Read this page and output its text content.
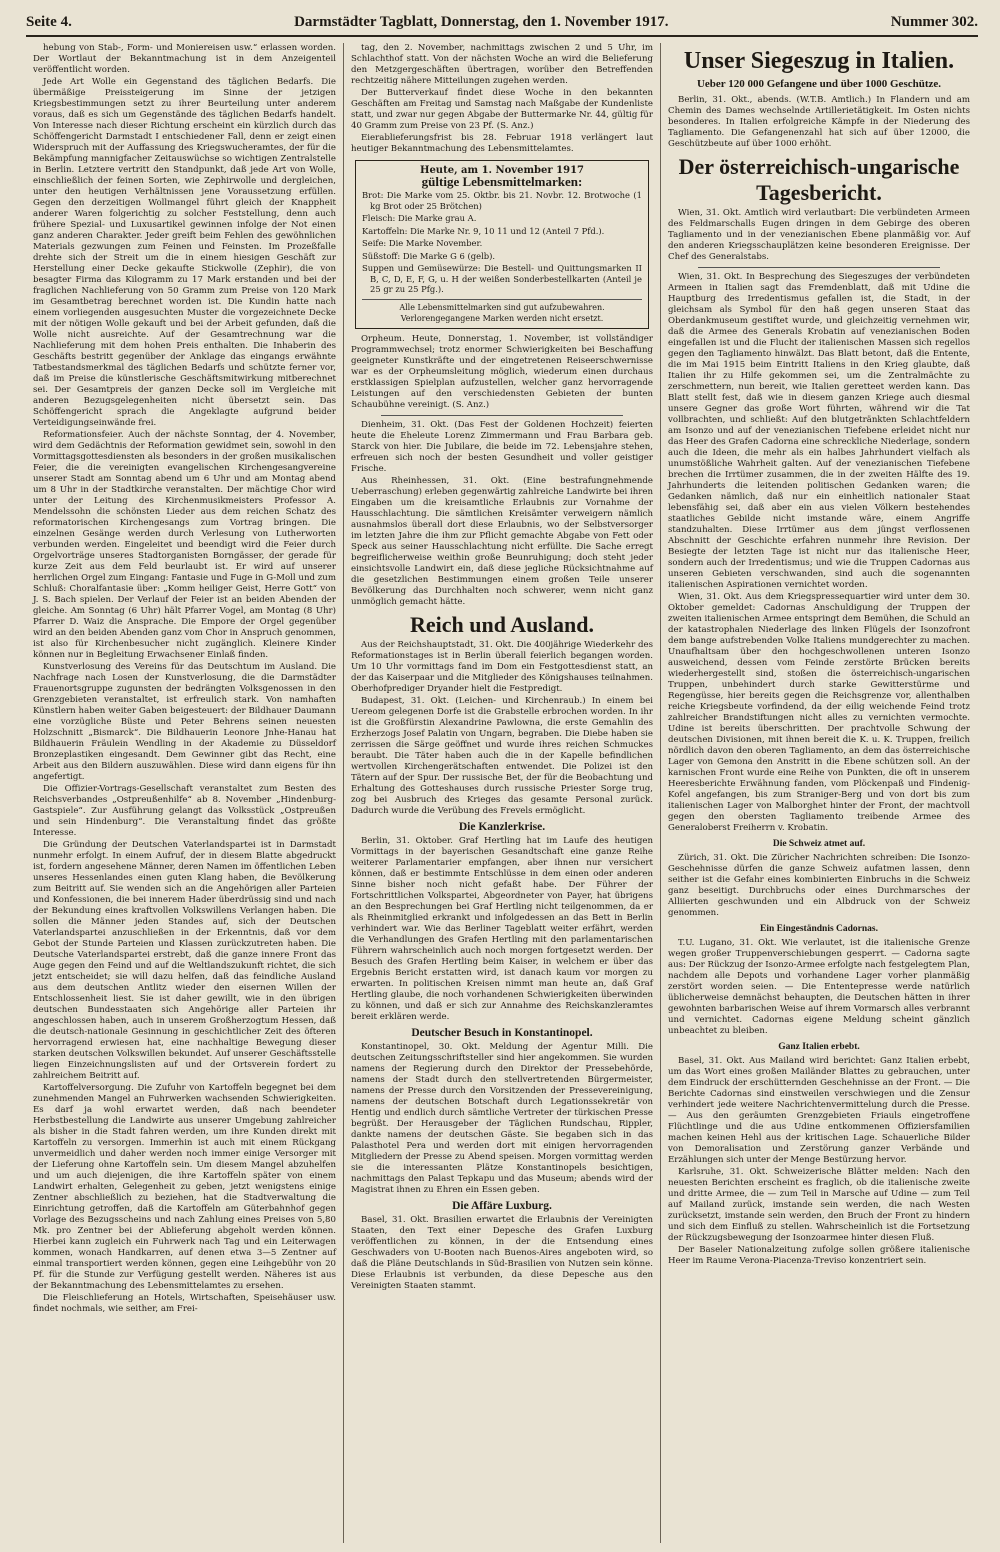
Seite 4.	Darmstädter Tagblatt, Donnerstag, den 1. November 1917.	Nummer 302.

hebung von Stab-, Form- und Moniereisen usw.“ erlassen worden. Der Wortlaut der Bekanntmachung ist in dem Anzeigenteil veröffentlicht worden.

Jede Art Wolle ein Gegenstand des täglichen Bedarfs. Die übermäßige Preissteigerung im Sinne der jetzigen Kriegsbestimmungen setzt zu ihrer Beurteilung unter anderem voraus, daß es sich um Gegenstände des täglichen Bedarfs handelt. Von Interesse nach dieser Richtung erscheint ein kürzlich durch das Schöffengericht Darmstadt I entschiedener Fall, denn er zeigt einen Widerspruch mit der Auffassung des Kriegswucheramtes, der für die Bekämpfung mannigfacher Zeitauswüchse so wichtigen Zentralstelle in Berlin. Letztere vertritt den Standpunkt, daß jede Art von Wolle, einschließlich der feinen Sorten, wie Zephirwolle und dergleichen, unter den heutigen Verhältnissen jene Voraussetzung erfüllen. Gegen den derzeitigen Wollmangel führt gleich der Knappheit anderer Waren folgerichtig zu solcher Feststellung, denn auch frühere Spezial- und Luxusartikel gewinnen infolge der Not einen ganz anderen Charakter. Jeder greift beim Fehlen des gewöhnlichen Materials gezwungen zum Feinen und Feinsten. Im Prozeßfalle drehte sich der Streit um die in einem hiesigen Geschäft zur Herstellung einer Decke gekaufte Stickwolle (Zephir), die von besagter Firma das Kilogramm zu 17 Mark erstanden und bei der fraglichen Nachlieferung von 50 Gramm zum Preise von 120 Mark im Gesamtbetrag berechnet worden ist. Die Kundin hatte nach einem vorliegenden ausgesuchten Muster die vorgezeichnete Decke mit der nötigen Wolle gekauft und bei der Arbeit gefunden, daß die Wolle nicht ausreichte. Auf der Gesamtrechnung war die Nachlieferung mit dem hohen Preis enthalten. Die Inhaberin des Geschäfts bestritt gegenüber der Anklage das eingangs erwähnte Tatbestandsmerkmal des täglichen Bedarfs und schützte ferner vor, daß im Preise die künstlerische Geschäftsmitwirkung mitberechnet sei. Der Gesamtpreis der ganzen Decke soll im Vergleiche mit anderen Bezugsgelegenheiten nicht übersetzt sein. Das Schöffengericht sprach die Angeklagte aufgrund beider Verteidigungseinwände frei.

Reformationsfeier. Auch der nächste Sonntag, der 4. November, wird dem Gedächtnis der Reformation gewidmet sein, sowohl in den Vormittagsgottesdiensten als besonders in der großen musikalischen Feier, die die vereinigten evangelischen Kirchengesangvereine unserer Stadt am Sonntag abend um 6 Uhr und am Montag abend um 8 Uhr in der Stadtkirche veranstalten. Der mächtige Chor wird unter der Leitung des Kirchenmusikmeisters Professor A. Mendelssohn die schönsten Lieder aus dem reichen Schatz des reformatorischen Kirchengesangs zum Vortrag bringen. Die einzelnen Gesänge werden durch Verlesung von Lutherworten verbunden werden. Eingeleitet und beendigt wird die Feier durch Orgelvorträge unseres Stadtorganisten Borngässer, der gerade für kurze Zeit aus dem Feld beurlaubt ist. Er wird auf unserer herrlichen Orgel zum Eingang: Fantasie und Fuge in G-Moll und zum Schluß: Choralfantasie über: „Komm heiliger Geist, Herre Gott“ von J. S. Bach spielen. Der Verlauf der Feier ist an beiden Abenden der gleiche. Am Sonntag (6 Uhr) hält Pfarrer Vogel, am Montag (8 Uhr) Pfarrer D. Waiz die Ansprache. Die Empore der Orgel gegenüber wird an den beiden Abenden ganz vom Chor in Anspruch genommen, ist also für Kirchenbesucher nicht zugänglich. Kleinere Kinder können nur in Begleitung Erwachsener Einlaß finden.

Kunstverlosung des Vereins für das Deutschtum im Ausland. Die Nachfrage nach Losen der Kunstverlosung, die die Darmstädter Frauenortsgruppe zugunsten der bedrängten Volksgenossen in den Grenzgebieten veranstaltet, ist erfreulich stark. Von namhaften Künstlern haben weiter Gaben beigesteuert: der Bildhauer Daumann eine vorzügliche Büste und Peter Behrens seinen neuesten Holzschnitt „Bismarck“. Die Bildhauerin Leonore Jnhe-Hanau hat Bildhauerin Fräulein Wendling in der Akademie zu Düsseldorf Bronzeplastiken eingesandt. Dem Gewinner gibt das Recht, eine Arbeit aus den Bildern auszuwählen. Diese wird dann eigens für ihn angefertigt.

Die Offizier-Vortrags-Gesellschaft veranstaltet zum Besten des Reichsverbandes „Ostpreußenhilfe“ ab 8. November „Hindenburg-Gastspiele“. Zur Ausführung gelangt das Volksstück „Ostpreußen und sein Hindenburg“. Die Veranstaltung findet das größte Interesse.

Die Gründung der Deutschen Vaterlandspartei ist in Darmstadt nunmehr erfolgt. In einem Aufruf, der in diesem Blatte abgedruckt ist, fordern angesehene Männer, deren Namen im öffentlichen Leben unseres Hessenlandes einen guten Klang haben, die Bevölkerung zum Beitritt auf. Sie wenden sich an die Angehörigen aller Parteien und Konfessionen, die bei innerem Hader überdrüssig sind und nach der Bekundung eines kraftvollen Volkswillens Verlangen haben. Die sollen die Männer jeden Standes auf, sich der Deutschen Vaterlandspartei anzuschließen in der Erkenntnis, daß vor dem Gebot der Stunde Parteien und Klassen zurückzutreten haben. Die Deutsche Vaterlandspartei erstrebt, daß die ganze innere Front das Auge gegen den Feind und auf die Weltlandszukunft richtet, die sich jetzt entscheidet; sie will dazu helfen, daß das feindliche Ausland aus dem deutschen Antlitz wieder den eisernen Willen der Entschlossenheit liest. Sie ist daher gewillt, wie in den übrigen deutschen Bundesstaaten sich Angehörige aller Parteien ihr angeschlossen haben, auch in unserem Großherzogtum Hessen, daß die deutsch-nationale Gesinnung in geschichtlicher Zeit des öfteren hervorragend erwiesen hat, eine nachhaltige Bewegung dieser starken deutschen Volkswillen bekundet. Auf unserer Geschäftsstelle liegen Einzeichnungslisten auf und der Ortsverein fordert zu zahlreichem Beitritt auf.

Kartoffelversorgung. Die Zufuhr von Kartoffeln begegnet bei dem zunehmenden Mangel an Fuhrwerken wachsenden Schwierigkeiten. Es darf ja wohl erwartet werden, daß nach beendeter Herbstbestellung die Landwirte aus unserer Umgebung zahlreicher als bisher in die Stadt fahren werden, um ihre Kunden direkt mit Kartoffeln zu versorgen. Immerhin ist auch mit einem Rückgang unvermeidlich und daher werden noch immer einige Versorger mit der Lieferung ohne Kartoffeln sein. Um diesem Mangel abzuhelfen und um auch diejenigen, die ihre Kartoffeln später von einem Landwirt erhalten, Gelegenheit zu geben, jetzt wenigstens einige Zentner abschließlich zu beziehen, hat die Stadtverwaltung die Einrichtung getroffen, daß die Kartoffeln am Güterbahnhof gegen Vorlage des Bezugsscheins und nach Zahlung eines Preises von 5,80 Mk. pro Zentner bei der Ablieferung abgeholt werden können. Hierbei kann zugleich ein Fuhrwerk nach Tag und ein Leiterwagen kommen, wonach Handkarren, auf denen etwa 3—5 Zentner auf einmal transportiert werden können, gegen eine Leihgebühr von 20 Pf. für die Stunde zur Verfügung gestellt werden. Näheres ist aus der Bekanntmachung des Lebensmittelamtes zu ersehen.

Die Fleischlieferung an Hotels, Wirtschaften, Speisehäuser usw. findet nochmals, wie seither, am Frei-

tag, den 2. November, nachmittags zwischen 2 und 5 Uhr, im Schlachthof statt. Von der nächsten Woche an wird die Belieferung den Metzgergeschäften übertragen, worüber den Betreffenden rechtzeitig nähere Mitteilungen zugehen werden.

Der Butterverkauf findet diese Woche in den bekannten Geschäften am Freitag und Samstag nach Maßgabe der Kundenliste statt, und zwar nur gegen Abgabe der Buttermarke Nr. 44, gültig für 40 Gramm zum Preise von 23 Pf. (S. Anz.)

Eierablieferungsfrist bis 28. Februar 1918 verlängert laut heutiger Bekanntmachung des Lebensmittelamtes.

Heute, am 1. November 1917
gültige Lebensmittelmarken:
Brot: Die Marke vom 25. Oktbr. bis 21. Novbr. 12. Brotwoche (1 kg Brot oder 25 Brötchen)
Fleisch: Die Marke grau A.
Kartoffeln: Die Marke Nr. 9, 10 11 und 12 (Anteil 7 Pfd.).
Seife: Die Marke November.
Süßstoff: Die Marke G 6 (gelb).
Suppen und Gemüsewürze: Die Bestell- und Quittungsmarken II B, C, D, E, F, G, u. H der weißen Sonderbestellkarten (Anteil je 25 gr zu 25 Pfg.).
Alle Lebensmittelmarken sind gut aufzubewahren. Verlorengegangene Marken werden nicht ersetzt.

Orpheum. Heute, Donnerstag, 1. November, ist vollständiger Programmwechsel; trotz enormer Schwierigkeiten bei Beschaffung geeigneter Kunstkräfte und der eingetretenen Reiseerschwernisse war es der Orpheumsleitung möglich, wiederum einen durchaus erstklassigen Spielplan aufzustellen, welcher ganz hervorragende Leistungen auf den verschiedensten Gebieten der bunten Schaubühne vereinigt. (S. Anz.)

Dienheim, 31. Okt. (Das Fest der Goldenen Hochzeit) feierten heute die Eheleute Lorenz Zimmermann und Frau Barbara geb. Starck von hier. Die Jubilare, die beide im 72. Lebensjahre stehen, erfreuen sich noch der besten Gesundheit und voller geistiger Frische.

Aus Rheinhessen, 31. Okt. (Eine bestrafungnehmende Ueberraschung) erleben gegenwärtig zahlreiche Landwirte bei ihren Eingaben um die kreisamtliche Erlaubnis zur Vornahme der Hausschlachtung. Die sämtlichen Kreisämter verweigern nämlich ausnahmslos überall dort diese Erlaubnis, wo der Selbstversorger im letzten Jahre die ihm zur Pflicht gemachte Abgabe von Fett oder Speck aus seiner Hausschlachtung nicht erfüllte. Die Sache erregt begreiflicherweise weithin große Beunruhigung; doch steht jeder einsichtsvolle Landwirt ein, daß diese jegliche Rücksichtnahme auf die gesetzlichen Bestimmungen einem großen Teile unserer Bevölkerung das Durchhalten noch schwerer, wenn nicht ganz unmöglich gemacht hätte.

Reich und Ausland.

Aus der Reichshauptstadt, 31. Okt. Die 400jährige Wiederkehr des Reformationstages ist in Berlin überall feierlich begangen worden. Um 10 Uhr vormittags fand im Dom ein Festgottesdienst statt, an der das Kaiserpaar und die Mitglieder des Königshauses teilnahmen. Oberhofprediger Dryander hielt die Festpredigt.

Budapest, 31. Okt. (Leichen- und Kirchenraub.) In einem bei Uereom gelegenen Dorfe ist die Grabstelle erbrochen worden. In ihr ist die Großfürstin Alexandrine Pawlowna, die erste Gemahlin des Erzherzogs Josef Palatin von Ungarn, begraben. Die Diebe haben sie zerrissen die Särge geöffnet und wurde ihres reichen Schmuckes beraubt. Die Täter haben auch die in der Kapelle befindlichen wertvollen Kirchengerätschaften entwendet. Die Polizei ist den Tätern auf der Spur. Der russische Bet, der für die Beobachtung und Erhaltung des Gotteshauses durch russische Priester Sorge trug, zog bei Ausbruch des Krieges das gesamte Personal zurück. Dadurch wurde die Verübung des Frevels ermöglicht.

Die Kanzlerkrise.

Berlin, 31. Oktober. Graf Hertling hat im Laufe des heutigen Vormittags in der bayerischen Gesandtschaft eine ganze Reihe weiterer Parlamentarier empfangen, aber ihnen nur versichert können, daß er bestimmte Entschlüsse in dem einen oder anderen Sinne bisher noch nicht gefaßt habe. Der Führer der Fortschrittlichen Volkspartei, Abgeordneter von Payer, hat übrigens an den Besprechungen bei Graf Hertling nicht teilgenommen, da er als Rheinmitglied erkrankt und infolgedessen an das Bett in Berlin verhindert war. Wie das Berliner Tageblatt weiter erfährt, werden die Verhandlungen des Grafen Hertling mit den parlamentarischen Führern wahrscheinlich auch noch morgen fortgesetzt werden. Der Besuch des Grafen Hertling beim Kaiser, in welchem er über das Ergebnis Bericht erstatten wird, ist danach kaum vor morgen zu erwarten. In politischen Kreisen nimmt man heute an, daß Graf Hertling glaube, die noch vorhandenen Schwierigkeiten überwinden zu können, und daß er sich zur Annahme des Reichskanzleramtes bereit erklären werde.

Deutscher Besuch in Konstantinopel.

Konstantinopel, 30. Okt. Meldung der Agentur Milli. Die deutschen Zeitungsschriftsteller sind hier angekommen. Sie wurden namens der Regierung durch den Direktor der Pressebehörde, namens der Stadt durch den stellvertretenden Bürgermeister, namens der Presse durch den Vorsitzenden der Pressevereinigung, namens der deutschen Botschaft durch Legationssekretär von Hentig und endlich durch sämtliche Vertreter der türkischen Presse begrüßt. Der Herausgeber der Täglichen Rundschau, Rippler, dankte namens der deutschen Gäste. Sie begaben sich in das Palasthotel Pera und werden dort mit einigen hervorragenden Mitgliedern der Presse zu Abend speisen. Morgen vormittag werden sie die interessanten Plätze Konstantinopels besichtigen, nachmittags den Palast Tepkapu und das Museum; abends wird der Magistrat ihnen zu Ehren ein Essen geben.

Die Affäre Luxburg.

Basel, 31. Okt. Brasilien erwartet die Erlaubnis der Vereinigten Staaten, den Text einer Depesche des Grafen Luxburg veröffentlichen zu können, in der die Entsendung eines Geschwaders von U-Booten nach Buenos-Aires angeboten wird, so daß die Pläne Deutschlands in Süd-Brasilien von Nutzen sein könne. Diese Erlaubnis ist verbunden, da diese Depesche aus den Vereinigten Staaten stammt.

Unser Siegeszug in Italien.
Ueber 120 000 Gefangene und über 1000 Geschütze.

Berlin, 31. Okt., abends. (W.T.B. Amtlich.) In Flandern und am Chemin des Dames wechselnde Artillerietätigkeit. Im Osten nichts besonderes. In Italien erfolgreiche Kämpfe in der Niederung des Tagliamento. Die Gefangenenzahl hat sich auf über 12000, die Geschützbeute auf über 1000 erhöht.

Der österreichisch-ungarische Tagesbericht.

Wien, 31. Okt. Amtlich wird verlautbart: Die verbündeten Armeen des Feldmarschalls Eugen dringen in dem Gebirge des oberen Tagliamento und in der venezianischen Ebene planmäßig vor. Auf den anderen Kriegsschauplätzen keine besonderen Ereignisse. Der Chef des Generalstabs.

Wien, 31. Okt. In Besprechung des Siegeszuges der verbündeten Armeen in Italien sagt das Fremdenblatt, daß mit Udine die Hauptburg des Irredentismus gefallen ist, die Stadt, in der gleichsam als Symbol für den haß gegen unseren Staat das Oberdankmuseum gestiftet wurde, und gleichzeitig vernehmen wir, daß die Armee des Generals Krobatin auf venezianischen Boden eingefallen ist und die Flucht der italienischen Massen sich regellos gegen den Tagliamento hinwälzt. Das Blatt betont, daß die Entente, die im Mai 1915 beim Eintritt Italiens in den Krieg glaubte, daß Italien ihr zu Hilfe gekommen sei, um die Zentralmächte zu zerschmettern, nun bereit, wie Italien geretteet werden kann. Das Blatt stellt fest, daß wie in diesem ganzen Kriege auch diesmal unsere Gegner das große Wort führten, während wir die Tat vollbrachten, und schließt: Auf den blutgetränkten Schlachtfeldern am Isonzo und auf der venezianischen Tiefebene erleidet nicht nur das Heer des Grafen Cadorna eine schreckliche Niederlage, sondern auch die Ideen, die mehr als ein halbes Jahrhundert vielfach als unumstößliche Wahrheit galten. Auf der venezianischen Tiefebene brechen die Irrtümer zusammen, die in der zweiten Hälfte des 19. Jahrhunderts die leitenden politischen Gedanken waren; die Gedanken nämlich, daß nur ein einheitlich nationaler Staat lebensfähig sei, daß aber ein aus vielen Völkern bestehendes staatliches Gebilde nicht imstande wäre, einem Angriffe standzuhalten. Diese Irrtümer aus dem jüngst verflossenen Abschnitt der Geschichte erfahren nunmehr ihre Revision. Der Besiegte der letzten Tage ist nicht nur das italienische Heer, sondern auch der Irredentismus; und wie die Truppen Cadornas aus unseren Gebieten verschwanden, sind auch die sogenannten italienischen Aspirationen vernichtet worden.

Wien, 31. Okt. Aus dem Kriegspressequartier wird unter dem 30. Oktober gemeldet: Cadornas Anschuldigung der Truppen der zweiten italienischen Armee entspringt dem Bemühen, die Schuld an der katastrophalen Niederlage des linken Flügels der Isonzofront dem bange aufstrebenden Volke Italiens mundgerechter zu machen. Unaufhaltsam über den hochgeschwollenen unteren Isonzo ausweichend, dessen vom Feinde zerstörte Brücken bereits wiederhergestellt sind, stoßen die österreichisch-ungarischen Truppen, unbehindert durch starke Gewitterstürme und Regengüsse, hier bereits gegen die Reichsgrenze vor, allenthalben reiche Kriegsbeute vorfindend, da der eilig weichende Feind trotz zahlreicher Brandstiftungen nicht alles zu vernichten vermochte. Udine ist bereits überschritten. Der prachtvolle Schwung der deutschen Divisionen, mit ihnen bereit die K. u. K. Truppen, freilich nördlich davon den oberen Tagliamento, an dem das österreichische Lager von Gemona den Anstritt in die Ebene schützen soll. An der karnischen Front wurde eine Reihe von Punkten, die oft in unserem Heeresberichte Erwähnung fanden, vom Plöckenpaß und Findenig-Kofel angefangen, bis zum Straniger-Berg und von dort bis zum italienischen Lager von Malborghet hinter der Front, der machtvoll gegen den obersten Tagliamento treibende Armee des Generaloberst Freiherrn v. Krobatin.

Die Schweiz atmet auf.

Zürich, 31. Okt. Die Züricher Nachrichten schreiben: Die Isonzo-Geschehnisse dürfen die ganze Schweiz aufatmen lassen, denn seither ist die Gefahr eines kombinierten Einbruchs in die Schweiz ganz beseitigt. Durchbruchs oder eines Durchmarsches der Alliierten geschwunden und ein Albdruck von der Schweiz genommen.

Ein Eingeständnis Cadornas.

T.U. Lugano, 31. Okt. Wie verlautet, ist die italienische Grenze wegen großer Truppenverschiebungen gesperrt. — Cadorna sagte aus: Der Rückzug der Isonzo-Armee erfolgte nach festgelegtem Plan, nachdem alle Depots und vorhandene Lager vorher planmäßig zerstört worden seien. — Die Ententepresse werde natürlich üblicherweise demnächst behaupten, die Deutschen hätten in ihrer gewohnten barbarischen Weise auf ihrem Vormarsch alles verbrannt und vernichtet. Cadornas eigene Meldung scheint gänzlich unbeachtet zu bleiben.

Ganz Italien erbebt.

Basel, 31. Okt. Aus Mailand wird berichtet: Ganz Italien erbebt, um das Wort eines großen Mailänder Blattes zu gebrauchen, unter dem Eindruck der erschütternden Geschehnisse an der Front. — Die Berichte Cadornas sind einstweilen verschwiegen und die Zensur verhindert jede weitere Nachrichtenvermittelung durch die Presse. — Aus den geräumten Grenzgebieten Friauls eingetroffene Flüchtlinge und die aus Udine entkommenen Offiziersfamilien machen keinen Hehl aus der kritischen Lage. Schauerliche Bilder von Demoralisation und Zerstörung ganzer Verbände und Erzählungen sich unter der Menge Bestürzung hervor.

Karlsruhe, 31. Okt. Schweizerische Blätter melden: Nach den neuesten Berichten erscheint es fraglich, ob die italienische zweite und dritte Armee, die — zum Teil in Marsche auf Udine — zum Teil auf Mailand zurück, imstande sein werden, die nach Westen zurücksetzt, imstande sein werden, den Bruch der Front zu hindern und sich dem Einfluß zu stellen. Wahrscheinlich ist die Fortsetzung der Rückzugsbewegung der Isonzoarmee hinter diesen Fluß.

Der Baseler Nationalzeitung zufolge sollen größere italienische Heer im Raume Verona-Piacenza-Treviso konzentriert sein.
